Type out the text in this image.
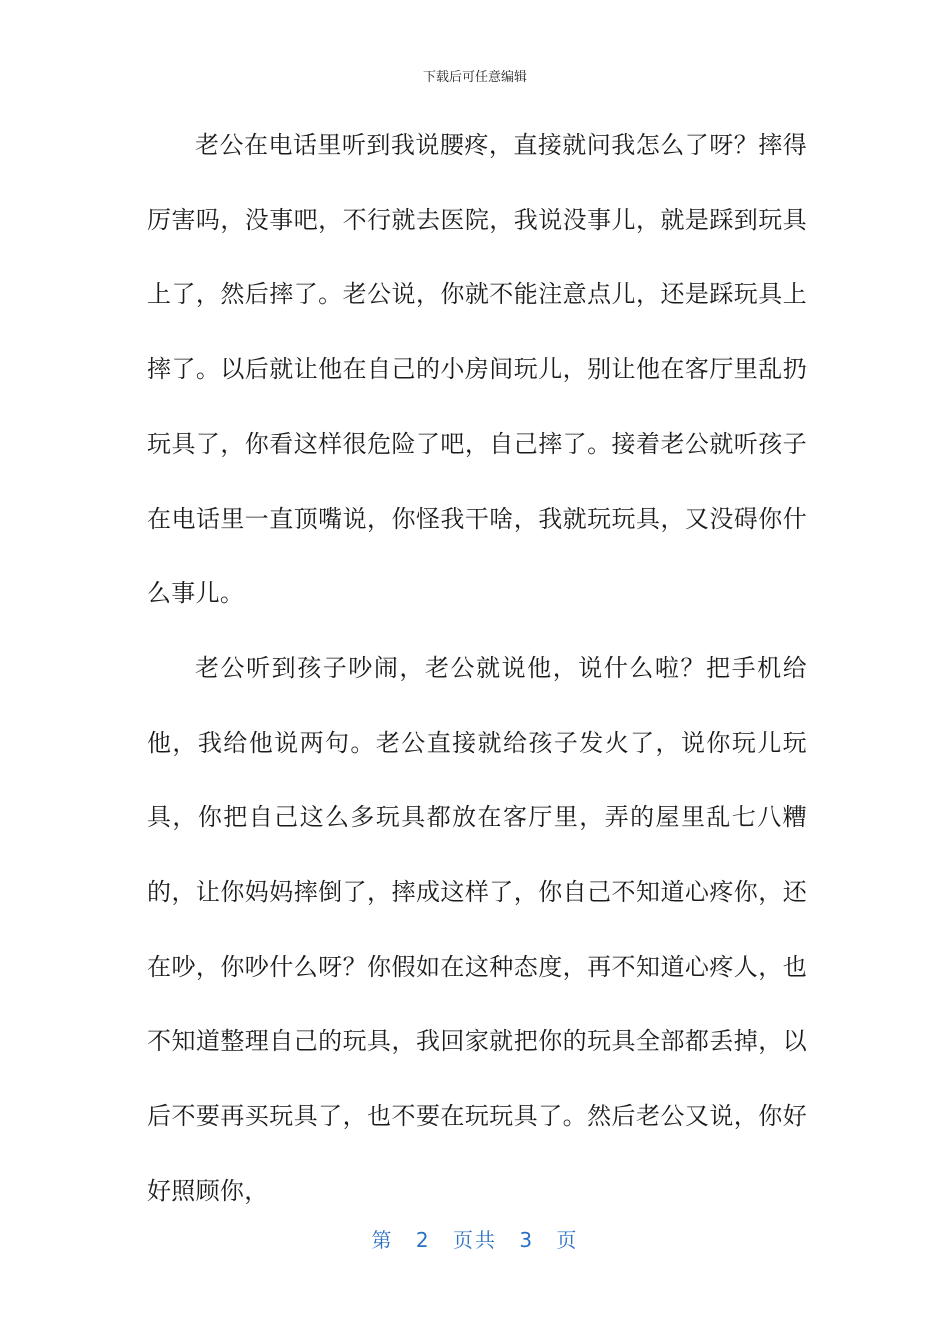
下载后可任意编辑

老公在电话里听到我说腰疼，直接就问我怎么了呀？摔得厉害吗，没事吧，不行就去医院，我说没事儿，就是踩到玩具上了，然后摔了。老公说，你就不能注意点儿，还是踩玩具上摔了。以后就让他在自己的小房间玩儿，别让他在客厅里乱扔玩具了，你看这样很危险了吧，自己摔了。接着老公就听孩子在电话里一直顶嘴说，你怪我干啥，我就玩玩具，又没碍你什么事儿。

老公听到孩子吵闹，老公就说他，说什么啦？把手机给他，我给他说两句。老公直接就给孩子发火了，说你玩儿玩具，你把自己这么多玩具都放在客厅里，弄的屋里乱七八糟的，让你妈妈摔倒了，摔成这样了，你自己不知道心疼你，还在吵，你吵什么呀？你假如在这种态度，再不知道心疼人，也不知道整理自己的玩具，我回家就把你的玩具全部都丢掉，以后不要再买玩具了，也不要在玩玩具了。然后老公又说，你好好照顾你，

第 2 页共 3 页
